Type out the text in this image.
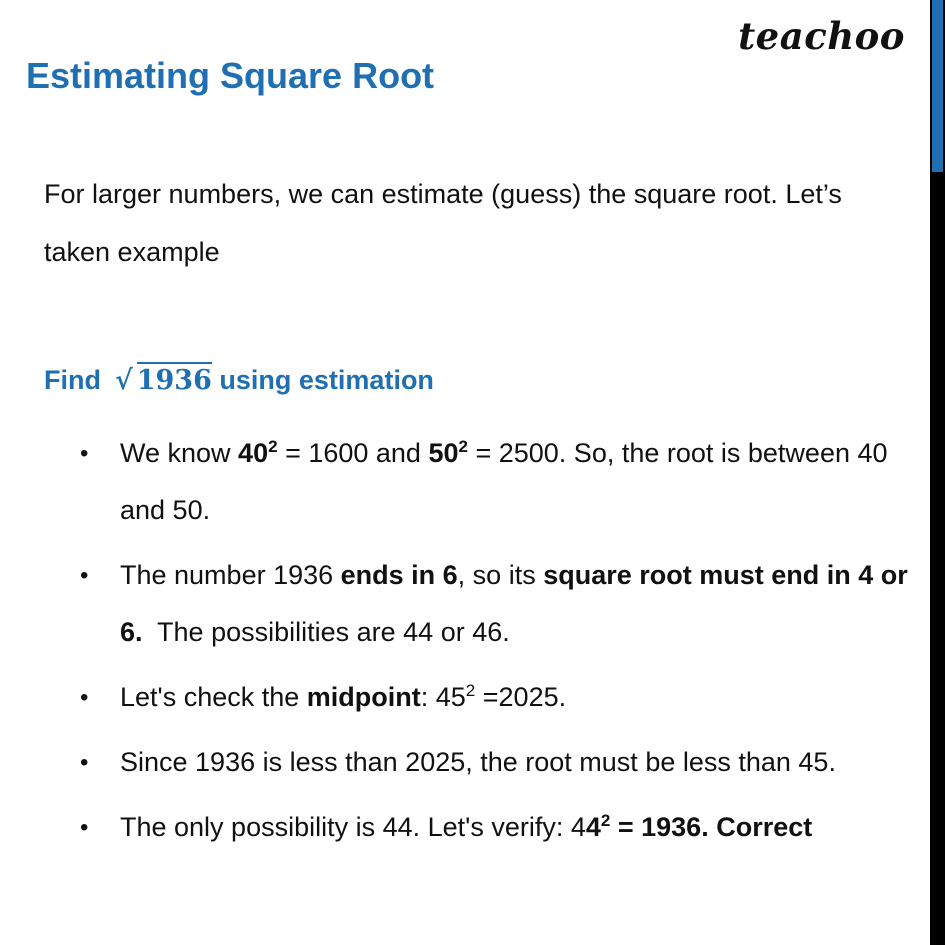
teachoo
Estimating Square Root

For larger numbers, we can estimate (guess) the square root. Let’s taken example

Find √ 1936 using estimation
• We know $40^2 = 1600$ and $50^2 = 2500$. So, the root is between 40 and 50.
• The number 1936 ends in 6, so its square root must end in 4 or 6.  The possibilities are 44 or 46.
• Let's check the midpoint: $45^2 =2025$.
• Since 1936 is less than 2025, the root must be less than 45.
• The only possibility is 44. Let's verify: $44^2 = 1936$. Correct
